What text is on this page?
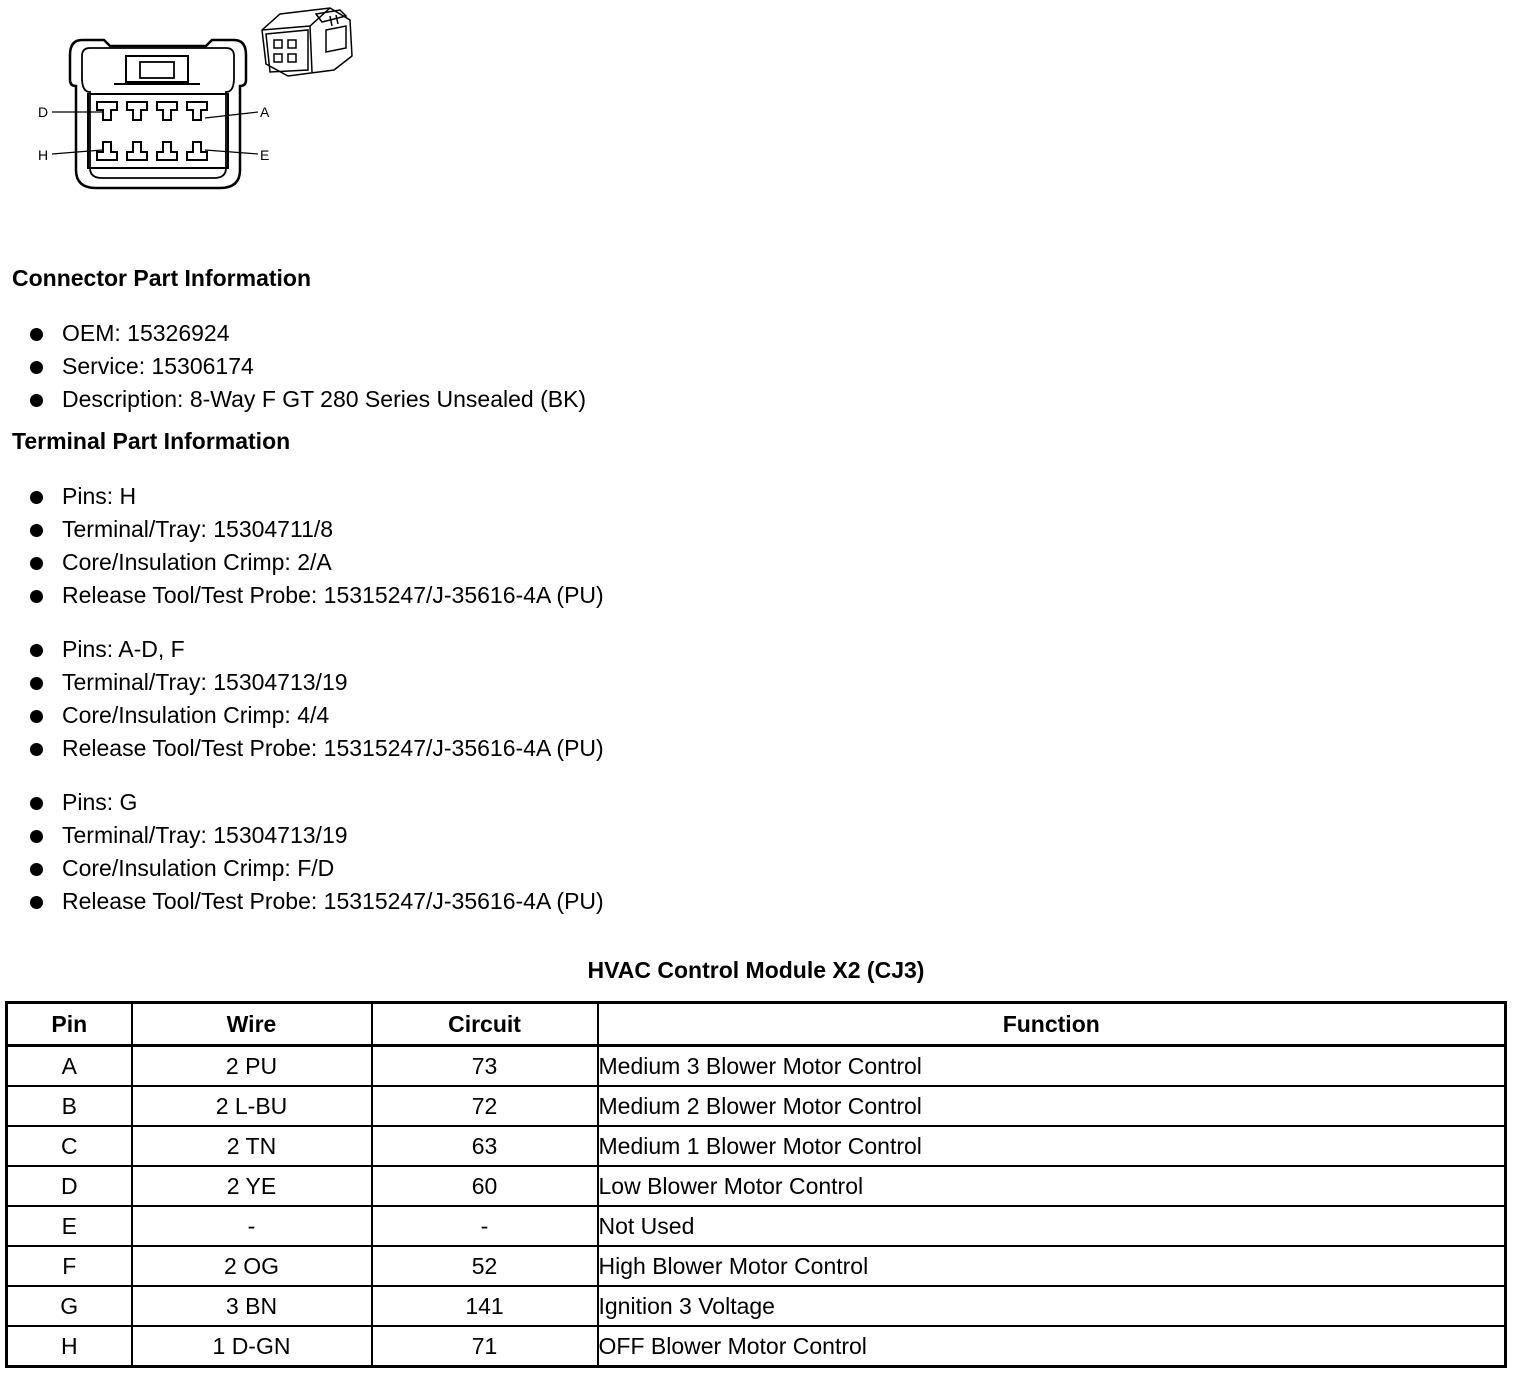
D	A
H	E
Connector Part Information
OEM: 15326924
Service: 15306174
Description: 8-Way F GT 280 Series Unsealed (BK)
Terminal Part Information
Pins: H
Terminal/Tray: 15304711/8
Core/Insulation Crimp: 2/A
Release Tool/Test Probe: 15315247/J-35616-4A (PU)
Pins: A-D, F
Terminal/Tray: 15304713/19
Core/Insulation Crimp: 4/4
Release Tool/Test Probe: 15315247/J-35616-4A (PU)
Pins: G
Terminal/Tray: 15304713/19
Core/Insulation Crimp: F/D
Release Tool/Test Probe: 15315247/J-35616-4A (PU)
HVAC Control Module X2 (CJ3)
Pin	Wire	Circuit	Function
A	2 PU	73	Medium 3 Blower Motor Control
B	2 L-BU	72	Medium 2 Blower Motor Control
C	2 TN	63	Medium 1 Blower Motor Control
D	2 YE	60	Low Blower Motor Control
E	-	-	Not Used
F	2 OG	52	High Blower Motor Control
G	3 BN	141	Ignition 3 Voltage
H	1 D-GN	71	OFF Blower Motor Control
